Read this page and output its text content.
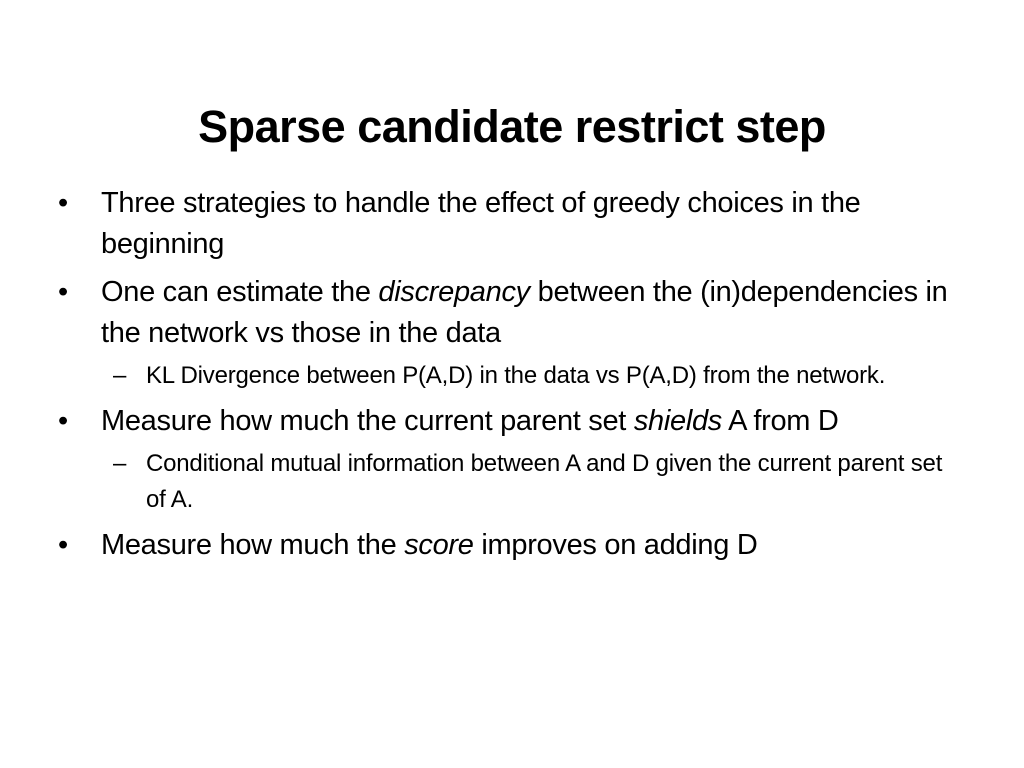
Sparse candidate restrict step
• Three strategies to handle the effect of greedy choices in the beginning
• One can estimate the discrepancy between the (in)dependencies in the network vs those in the data
– KL Divergence between P(A,D) in the data vs P(A,D) from the network.
• Measure how much the current parent set shields A from D
– Conditional mutual information between A and D given the current parent set of A.
• Measure how much the score improves on adding D
